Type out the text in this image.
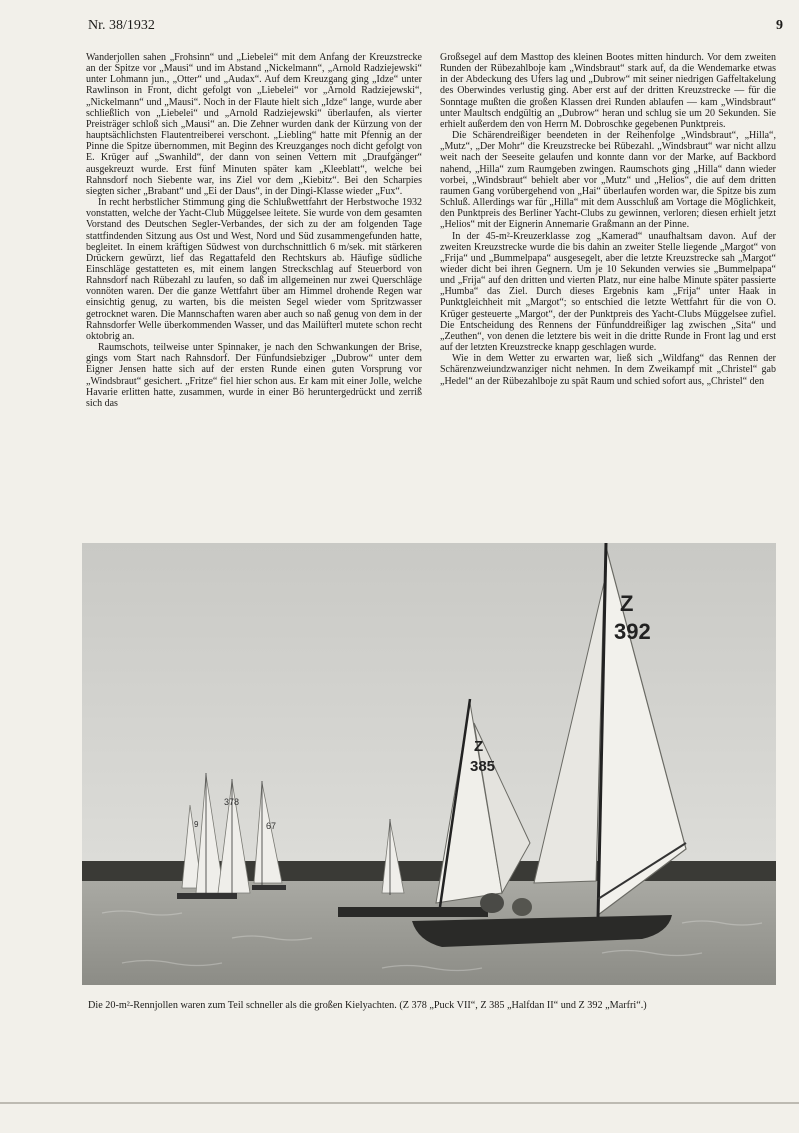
Nr. 38/1932	9

Wanderjollen sahen „Frohsinn“ und „Liebelei“ mit dem Anfang der Kreuzstrecke an der Spitze vor „Mausi“ und im Abstand „Nickelmann“, „Arnold Radziejewski“ unter Lohmann jun., „Otter“ und „Audax“. Auf dem Kreuzgang ging „Idze“ unter Rawlinson in Front, dicht gefolgt von „Liebelei“ vor „Arnold Radziejewski“, „Nickelmann“ und „Mausi“. Noch in der Flaute hielt sich „Idze“ lange, wurde aber schließlich von „Liebelei“ und „Arnold Radziejewski“ überlaufen, als vierter Preisträger schloß sich „Mausi“ an. Die Zehner wurden dank der Kürzung von der hauptsächlichsten Flautentreiberei verschont. „Liebling“ hatte mit Pfennig an der Pinne die Spitze übernommen, mit Beginn des Kreuzganges noch dicht gefolgt von E. Krüger auf „Swanhild“, der dann von seinen Vettern mit „Draufgänger“ ausgekreuzt wurde. Erst fünf Minuten später kam „Kleeblatt“, welche bei Rahnsdorf noch Siebente war, ins Ziel vor dem „Kiebitz“. Bei den Scharpies siegten sicher „Brabant“ und „Ei der Daus“, in der Dingi-Klasse wieder „Fux“.

In recht herbstlicher Stimmung ging die Schlußwettfahrt der Herbstwoche 1932 vonstatten, welche der Yacht-Club Müggelsee leitete. Sie wurde von dem gesamten Vorstand des Deutschen Segler-Verbandes, der sich zu der am folgenden Tage stattfindenden Sitzung aus Ost und West, Nord und Süd zusammengefunden hatte, begleitet. In einem kräftigen Südwest von durchschnittlich 6 m/sek. mit stärkeren Drückern gewürzt, lief das Regattafeld den Rechtskurs ab. Häufige südliche Einschläge gestatteten es, mit einem langen Streckschlag auf Steuerbord von Rahnsdorf nach Rübezahl zu laufen, so daß im allgemeinen nur zwei Querschläge vonnöten waren. Der die ganze Wettfahrt über am Himmel drohende Regen war einsichtig genug, zu warten, bis die meisten Segel wieder vom Spritzwasser getrocknet waren. Die Mannschaften waren aber auch so naß genug von dem in der Rahnsdorfer Welle überkommenden Wasser, und das Mailüfterl mutete schon recht oktobrig an.

Raumschots, teilweise unter Spinnaker, je nach den Schwankungen der Brise, gings vom Start nach Rahnsdorf. Der Fünfundsiebziger „Dubrow“ unter dem Eigner Jensen hatte sich auf der ersten Runde einen guten Vorsprung vor „Windsbraut“ gesichert. „Fritze“ fiel hier schon aus. Er kam mit einer Jolle, welche Havarie erlitten hatte, zusammen, wurde in einer Bö heruntergedrückt und zerriß sich das

Großsegel auf dem Masttop des kleinen Bootes mitten hindurch. Vor dem zweiten Runden der Rübezahlboje kam „Windsbraut“ stark auf, da die Wendemarke etwas in der Abdeckung des Ufers lag und „Dubrow“ mit seiner niedrigen Gaffeltakelung des Oberwindes verlustig ging. Aber erst auf der dritten Kreuzstrecke — für die Sonntage mußten die großen Klassen drei Runden ablaufen — kam „Windsbraut“ unter Maultsch endgültig an „Dubrow“ heran und schlug sie um 20 Sekunden. Sie erhielt außerdem den von Herrn M. Dobroschke gegebenen Punktpreis.

Die Schärendreißiger beendeten in der Reihenfolge „Windsbraut“, „Hilla“, „Mutz“, „Der Mohr“ die Kreuzstrecke bei Rübezahl. „Windsbraut“ war nicht allzu weit nach der Seeseite gelaufen und konnte dann vor der Marke, auf Backbord nahend, „Hilla“ zum Raumgeben zwingen. Raumschots ging „Hilla“ dann wieder vorbei, „Windsbraut“ behielt aber vor „Mutz“ und „Helios“, die auf dem dritten raumen Gang vorübergehend von „Hai“ überlaufen worden war, die Spitze bis zum Schluß. Allerdings war für „Hilla“ mit dem Ausschluß am Vortage die Möglichkeit, den Punktpreis des Berliner Yacht-Clubs zu gewinnen, verloren; diesen erhielt jetzt „Helios“ mit der Eignerin Annemarie Graßmann an der Pinne.

In der 45-m²-Kreuzerklasse zog „Kamerad“ unaufhaltsam davon. Auf der zweiten Kreuzstrecke wurde die bis dahin an zweiter Stelle liegende „Margot“ von „Frija“ und „Bummelpapa“ ausgesegelt, aber die letzte Kreuzstrecke sah „Margot“ wieder dicht bei ihren Gegnern. Um je 10 Sekunden verwies sie „Bummelpapa“ und „Frija“ auf den dritten und vierten Platz, nur eine halbe Minute später passierte „Humba“ das Ziel. Durch dieses Ergebnis kam „Frija“ unter Haak in Punktgleichheit mit „Margot“; so entschied die letzte Wettfahrt für die von O. Krüger gesteuerte „Margot“, der der Punktpreis des Yacht-Clubs Müggelsee zufiel. Die Entscheidung des Rennens der Fünfunddreißiger lag zwischen „Sita“ und „Zeuthen“, von denen die letztere bis weit in die dritte Runde in Front lag und erst auf der letzten Kreuzstrecke knapp geschlagen wurde.

Wie in dem Wetter zu erwarten war, ließ sich „Wildfang“ das Rennen der Schärenzweiundzwanziger nicht nehmen. In dem Zweikampf mit „Christel“ gab „Hedel“ an der Rübezahlboje zu spät Raum und schied sofort aus, „Christel“ den

378
67
9
Z
385
Z
392
Die 20-m²-Rennjollen waren zum Teil schneller als die großen Kielyachten. (Z 378 „Puck VII“, Z 385 „Halfdan II“ und Z 392 „Marfri“.)
